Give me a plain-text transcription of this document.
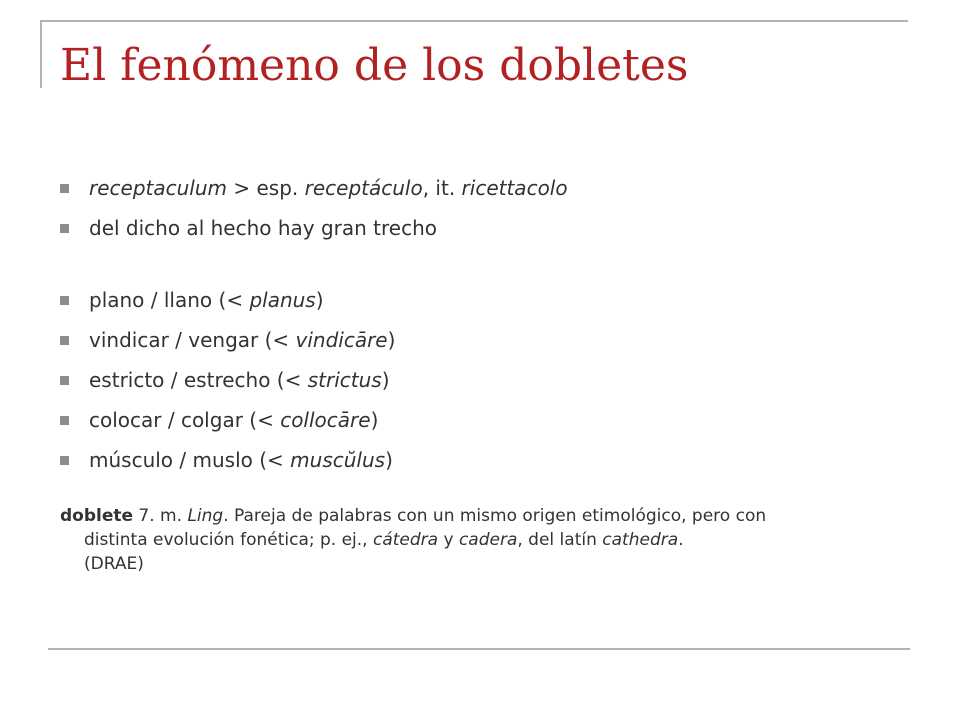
El fenómeno de los dobletes
receptaculum > esp. receptáculo, it. ricettacolo
del dicho al hecho hay gran trecho
plano / llano (< planus)
vindicar / vengar (< vindicāre)
estricto / estrecho (< strictus)
colocar / colgar (< collocāre)
músculo / muslo (< muscŭlus)

doblete 7. m. Ling. Pareja de palabras con un mismo origen etimológico, pero con
distinta evolución fonética; p. ej., cátedra y cadera, del latín cathedra.
(DRAE)
